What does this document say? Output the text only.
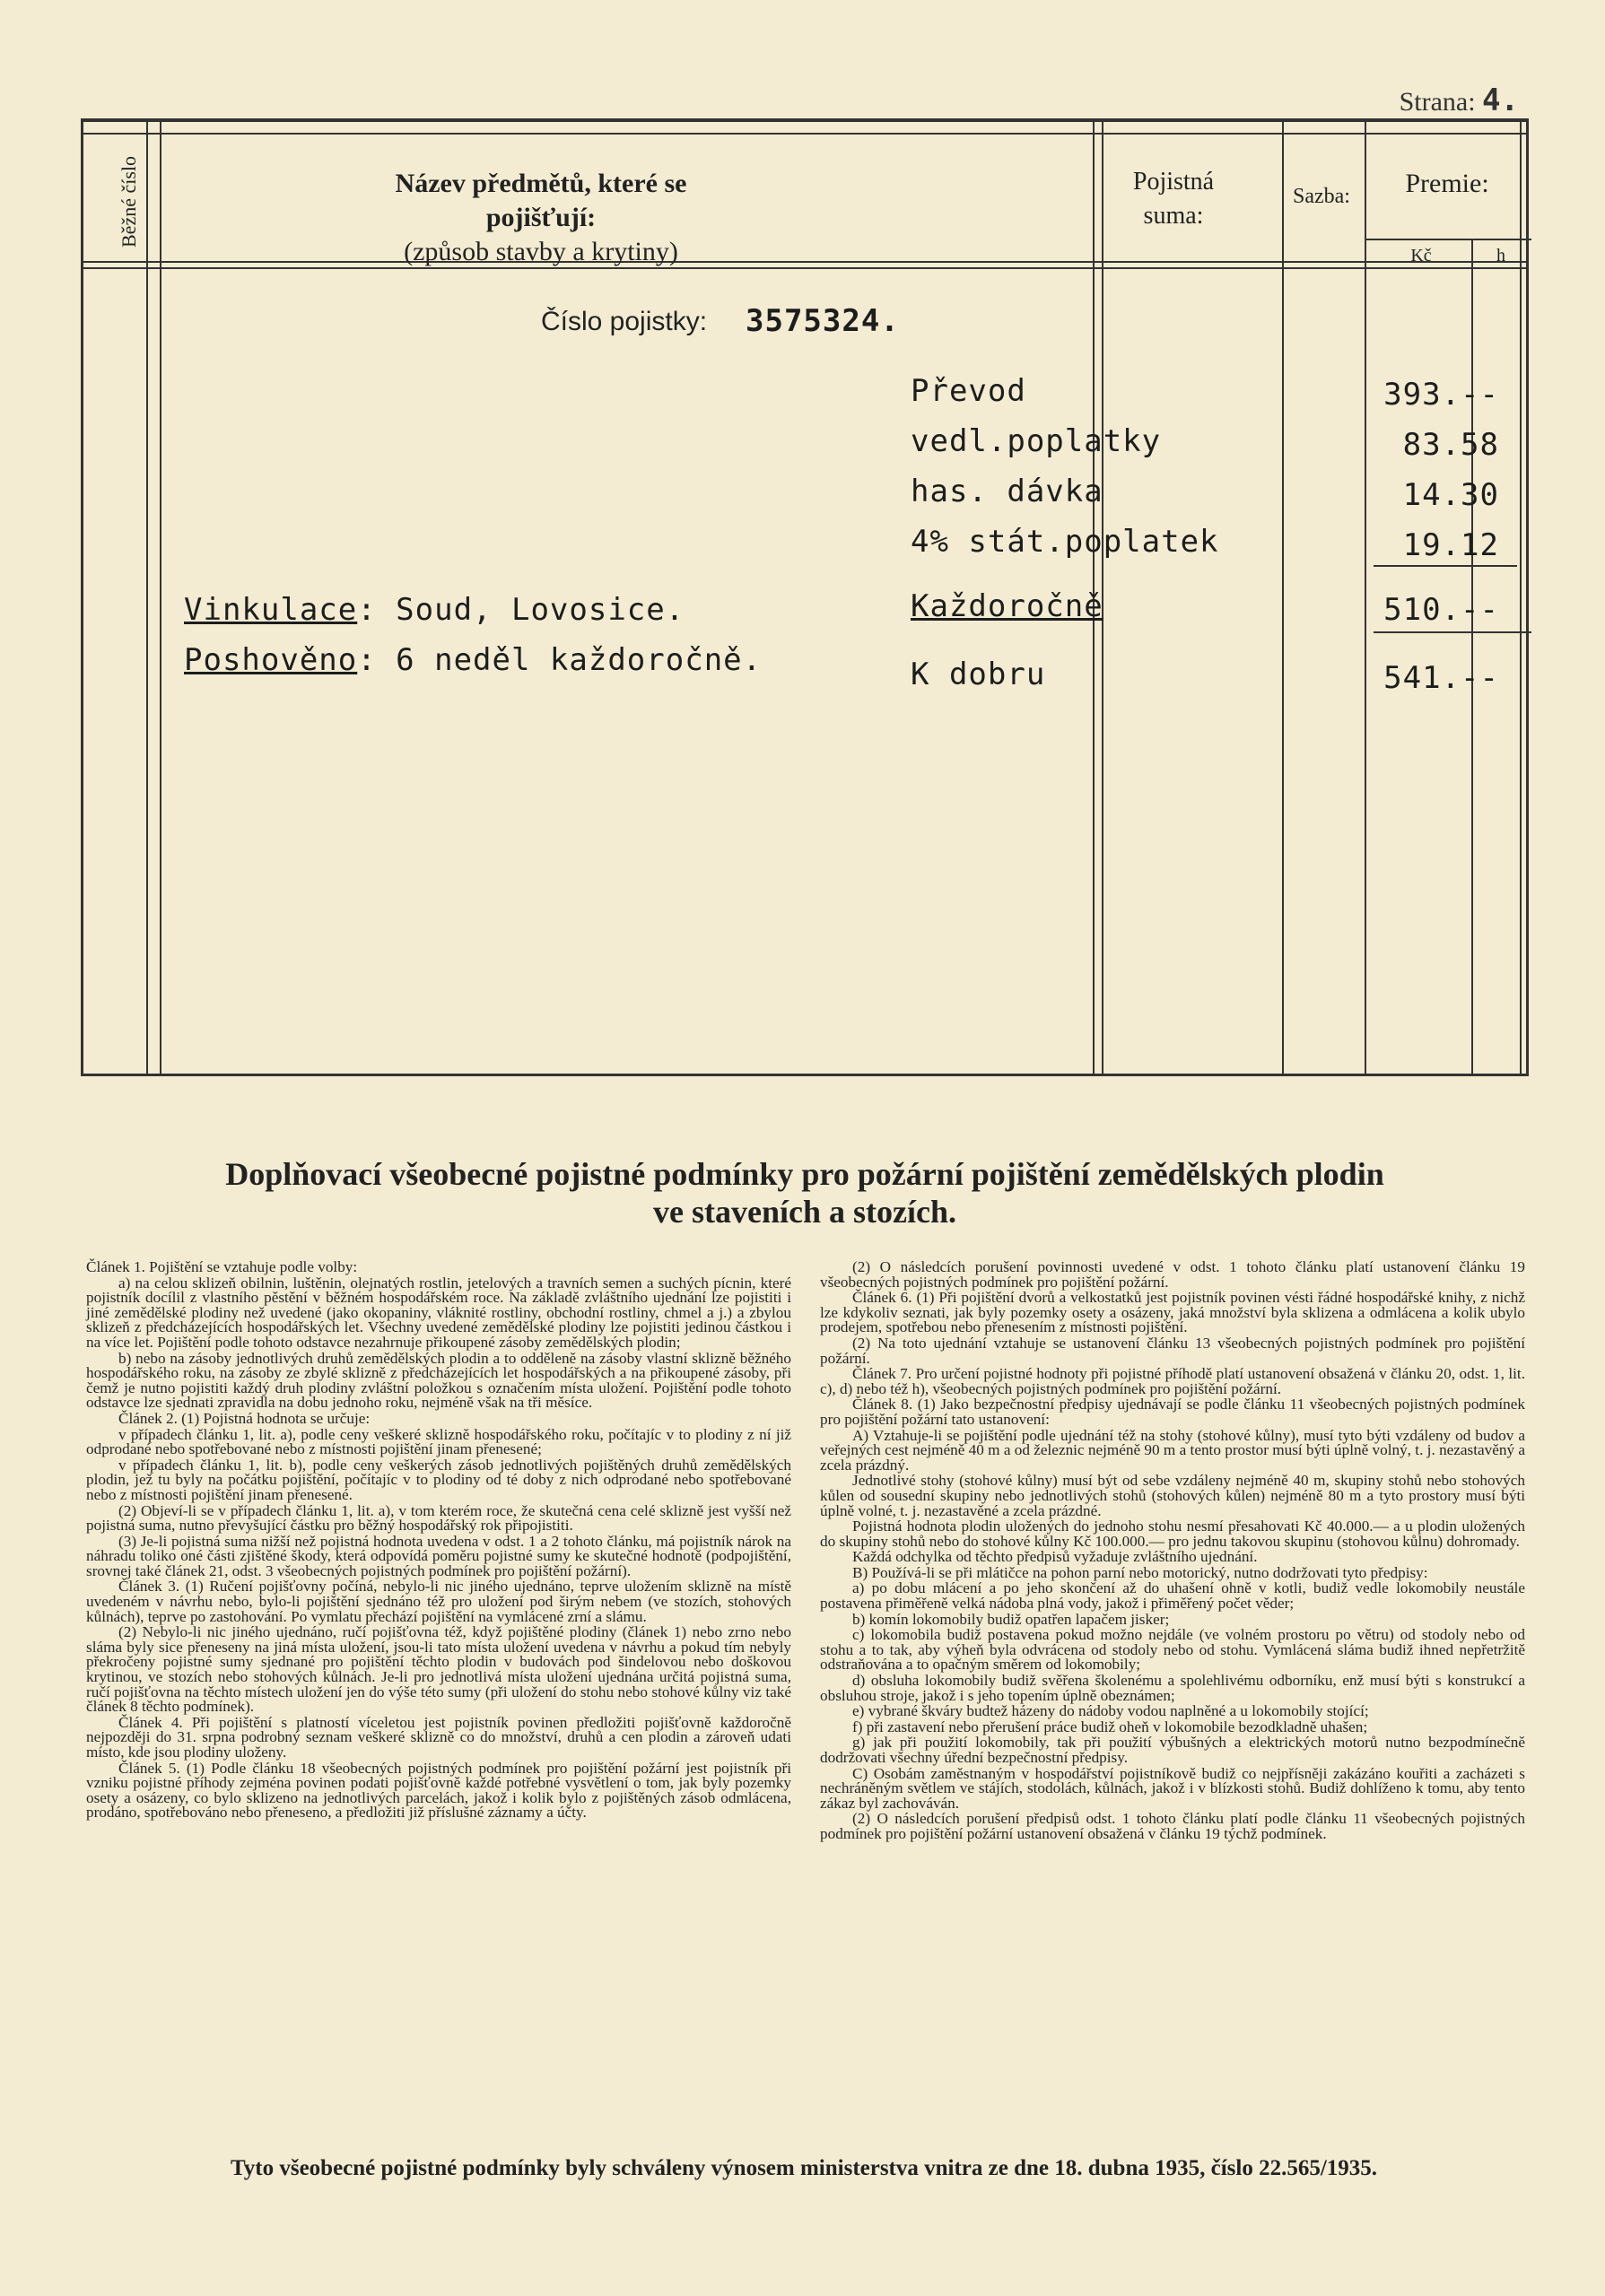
Strana: 4.
Běžné číslo	Název předmětů, které se pojišťují:
(způsob stavby a krytiny)
Pojistná
suma:
Sazba:	Premie:
Kč	h
Číslo pojistky: 3575324.
Převod	393.--
vedl.poplatky	83.58
has. dávka	14.30
4% stát.poplatek	19.12
Každoročně	510.--
K dobru	541.--
Vinkulace: Soud, Lovosice.
Poshověno: 6 neděl každoročně.
Doplňovací všeobecné pojistné podmínky pro požární pojištění zemědělských plodin
ve staveních a stozích.

Článek 1. Pojištění se vztahuje podle volby:

a) na celou sklizeň obilnin, luštěnin, olejnatých rostlin, jetelových a travních semen a suchých pícnin, které pojistník docílil z vlastního pěstění v běžném hospodářském roce. Na základě zvláštního ujednání lze pojistiti i jiné zemědělské plodiny než uvedené (jako okopaniny, vláknité rostliny, obchodní rostliny, chmel a j.) a zbylou sklizeň z předcházejících hospodářských let. Všechny uvedené zemědělské plodiny lze pojistiti jedinou částkou i na více let. Pojištění podle tohoto odstavce nezahrnuje přikoupené zásoby zemědělských plodin;

b) nebo na zásoby jednotlivých druhů zemědělských plodin a to odděleně na zásoby vlastní sklizně běžného hospodářského roku, na zásoby ze zbylé sklizně z předcházejících let hospodářských a na přikoupené zásoby, při čemž je nutno pojistiti každý druh plodiny zvláštní položkou s označením místa uložení. Pojištění podle tohoto odstavce lze sjednati zpravidla na dobu jednoho roku, nejméně však na tři měsíce.

Článek 2. (1) Pojistná hodnota se určuje:

v případech článku 1, lit. a), podle ceny veškeré sklizně hospodářského roku, počítajíc v to plodiny z ní již odprodané nebo spotřebované nebo z místnosti pojištění jinam přenesené;

v případech článku 1, lit. b), podle ceny veškerých zásob jednotlivých pojištěných druhů zemědělských plodin, jež tu byly na počátku pojištění, počítajíc v to plodiny od té doby z nich odprodané nebo spotřebované nebo z místnosti pojištění jinam přenesené.

(2) Objeví-li se v případech článku 1, lit. a), v tom kterém roce, že skutečná cena celé sklizně jest vyšší než pojistná suma, nutno převyšující částku pro běžný hospodářský rok připojistiti.

(3) Je-li pojistná suma nižší než pojistná hodnota uvedena v odst. 1 a 2 tohoto článku, má pojistník nárok na náhradu toliko oné části zjištěné škody, která odpovídá poměru pojistné sumy ke skutečné hodnotě (podpojištění, srovnej také článek 21, odst. 3 všeobecných pojistných podmínek pro pojištění požární).

Článek 3. (1) Ručení pojišťovny počíná, nebylo-li nic jiného ujednáno, teprve uložením sklizně na místě uvedeném v návrhu nebo, bylo-li pojištění sjednáno též pro uložení pod širým nebem (ve stozích, stohových kůlnách), teprve po zastohování. Po vymlatu přechází pojištění na vymlácené zrní a slámu.

(2) Nebylo-li nic jiného ujednáno, ručí pojišťovna též, když pojištěné plodiny (článek 1) nebo zrno nebo sláma byly sice přeneseny na jiná místa uložení, jsou-li tato místa uložení uvedena v návrhu a pokud tím nebyly překročeny pojistné sumy sjednané pro pojištění těchto plodin v budovách pod šindelovou nebo doškovou krytinou, ve stozích nebo stohových kůlnách. Je-li pro jednotlivá místa uložení ujednána určitá pojistná suma, ručí pojišťovna na těchto místech uložení jen do výše této sumy (při uložení do stohu nebo stohové kůlny viz také článek 8 těchto podmínek).

Článek 4. Při pojištění s platností víceletou jest pojistník povinen předložiti pojišťovně každoročně nejpozději do 31. srpna podrobný seznam veškeré sklizně co do množství, druhů a cen plodin a zároveň udati místo, kde jsou plodiny uloženy.

Článek 5. (1) Podle článku 18 všeobecných pojistných podmínek pro pojištění požární jest pojistník při vzniku pojistné příhody zejména povinen podati pojišťovně každé potřebné vysvětlení o tom, jak byly pozemky osety a osázeny, co bylo sklizeno na jednotlivých parcelách, jakož i kolik bylo z pojištěných zásob odmlácena, prodáno, spotřebováno nebo přeneseno, a předložiti již příslušné záznamy a účty.

(2) O následcích porušení povinnosti uvedené v odst. 1 tohoto článku platí ustanovení článku 19 všeobecných pojistných podmínek pro pojištění požární.

Článek 6. (1) Při pojištění dvorů a velkostatků jest pojistník povinen vésti řádné hospodářské knihy, z nichž lze kdykoliv seznati, jak byly pozemky osety a osázeny, jaká množství byla sklizena a odmlácena a kolik ubylo prodejem, spotřebou nebo přenesením z místnosti pojištění.

(2) Na toto ujednání vztahuje se ustanovení článku 13 všeobecných pojistných podmínek pro pojištění požární.

Článek 7. Pro určení pojistné hodnoty při pojistné příhodě platí ustanovení obsažená v článku 20, odst. 1, lit. c), d) nebo též h), všeobecných pojistných podmínek pro pojištění požární.

Článek 8. (1) Jako bezpečnostní předpisy ujednávají se podle článku 11 všeobecných pojistných podmínek pro pojištění požární tato ustanovení:

A) Vztahuje-li se pojištění podle ujednání též na stohy (stohové kůlny), musí tyto býti vzdáleny od budov a veřejných cest nejméně 40 m a od železnic nejméně 90 m a tento prostor musí býti úplně volný, t. j. nezastavěný a zcela prázdný.

Jednotlivé stohy (stohové kůlny) musí být od sebe vzdáleny nejméně 40 m, skupiny stohů nebo stohových kůlen od sousední skupiny nebo jednotlivých stohů (stohových kůlen) nejméně 80 m a tyto prostory musí býti úplně volné, t. j. nezastavěné a zcela prázdné.

Pojistná hodnota plodin uložených do jednoho stohu nesmí přesahovati Kč 40.000.— a u plodin uložených do skupiny stohů nebo do stohové kůlny Kč 100.000.— pro jednu takovou skupinu (stohovou kůlnu) dohromady.

Každá odchylka od těchto předpisů vyžaduje zvláštního ujednání.

B) Používá-li se při mlátičce na pohon parní nebo motorický, nutno dodržovati tyto předpisy:

a) po dobu mlácení a po jeho skončení až do uhašení ohně v kotli, budiž vedle lokomobily neustále postavena přiměřeně velká nádoba plná vody, jakož i přiměřený počet věder;

b) komín lokomobily budiž opatřen lapačem jisker;

c) lokomobila budiž postavena pokud možno nejdále (ve volném prostoru po větru) od stodoly nebo od stohu a to tak, aby výheň byla odvrácena od stodoly nebo od stohu. Vymlácená sláma budiž ihned nepřetržitě odstraňována a to opačným směrem od lokomobily;

d) obsluha lokomobily budiž svěřena školenému a spolehlivému odborníku, enž musí býti s konstrukcí a obsluhou stroje, jakož i s jeho topením úplně obeznámen;

e) vybrané škváry budtež házeny do nádoby vodou naplněné a u lokomobily stojící;

f) při zastavení nebo přerušení práce budiž oheň v lokomobile bezodkladně uhašen;

g) jak při použití lokomobily, tak při použití výbušných a elektrických motorů nutno bezpodmínečně dodržovati všechny úřední bezpečnostní předpisy.

C) Osobám zaměstnaným v hospodářství pojistníkově budiž co nejpřísněji zakázáno kouřiti a zacházeti s nechráněným světlem ve stájích, stodolách, kůlnách, jakož i v blízkosti stohů. Budiž dohlíženo k tomu, aby tento zákaz byl zachováván.

(2) O následcích porušení předpisů odst. 1 tohoto článku platí podle článku 11 všeobecných pojistných podmínek pro pojištění požární ustanovení obsažená v článku 19 týchž podmínek.

Tyto všeobecné pojistné podmínky byly schváleny výnosem ministerstva vnitra ze dne 18. dubna 1935, číslo 22.565/1935.
